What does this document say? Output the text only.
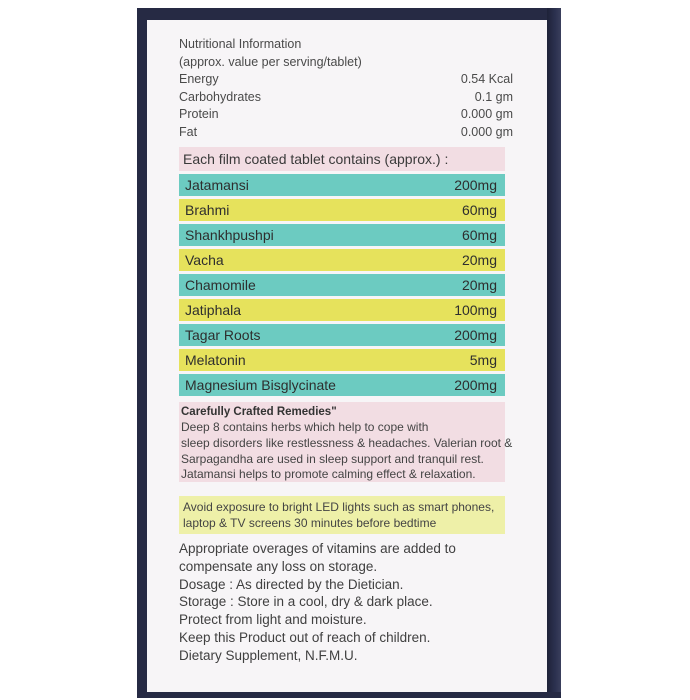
Nutritional Information
(approx. value per serving/tablet)
Energy	0.54 Kcal
Carbohydrates	0.1 gm
Protein	0.000 gm
Fat	0.000 gm
Each film coated tablet contains (approx.) :
Jatamansi	200mg
Brahmi	60mg
Shankhpushpi	60mg
Vacha	20mg
Chamomile	20mg
Jatiphala	100mg
Tagar Roots	200mg
Melatonin	5mg
Magnesium Bisglycinate	200mg
Carefully Crafted Remedies"
Deep 8 contains herbs which help to cope with
sleep disorders like restlessness & headaches. Valerian root &
Sarpagandha are used in sleep support and tranquil rest.
Jatamansi helps to promote calming effect & relaxation.
Avoid exposure to bright LED lights such as smart phones,
laptop & TV screens 30 minutes before bedtime
Appropriate overages of vitamins are added to
compensate any loss on storage.
Dosage : As directed by the Dietician.
Storage : Store in a cool, dry & dark place.
Protect from light and moisture.
Keep this Product out of reach of children.
Dietary Supplement, N.F.M.U.
